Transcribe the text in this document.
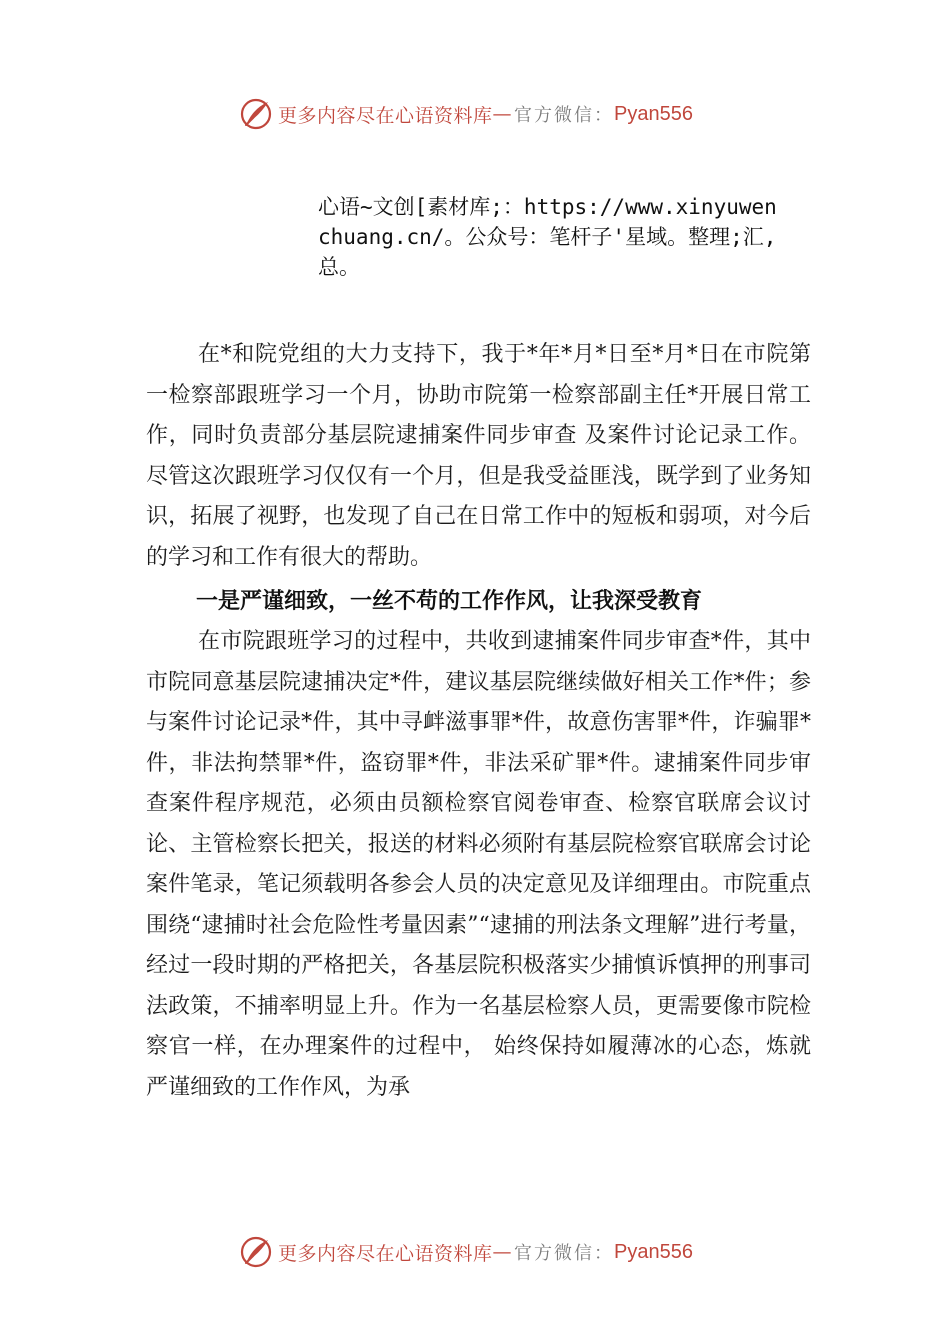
更多内容尽在心语资料库 — 官方微信： Pyan556
心语~文创[素材库;：https://www.xinyuwenchuang.cn/。公众号：笔杆子'星域。整理;汇,总。

在*和院党组的大力支持下，我于*年*月*日至*月*日在市院第一检察部跟班学习一个月，协助市院第一检察部副主任*开展日常工作，同时负责部分基层院逮捕案件同步审查 及案件讨论记录工作。尽管这次跟班学习仅仅有一个月，但是我受益匪浅，既学到了业务知识，拓展了视野，也发现了自己在日常工作中的短板和弱项，对今后的学习和工作有很大的帮助。

一是严谨细致，一丝不苟的工作作风，让我深受教育

在市院跟班学习的过程中，共收到逮捕案件同步审查*件，其中市院同意基层院逮捕决定*件，建议基层院继续做好相关工作*件；参与案件讨论记录*件，其中寻衅滋事罪*件，故意伤害罪*件，诈骗罪*件，非法拘禁罪*件，盗窃罪*件，非法采矿罪*件。逮捕案件同步审查案件程序规范，必须由员额检察官阅卷审查、检察官联席会议讨论、主管检察长把关，报送的材料必须附有基层院检察官联席会讨论案件笔录，笔记须载明各参会人员的决定意见及详细理由。市院重点围绕“逮捕时社会危险性考量因素”“逮捕的刑法条文理解”进行考量，经过一段时期的严格把关，各基层院积极落实少捕慎诉慎押的刑事司法政策，不捕率明显上升。作为一名基层检察人员，更需要像市院检察官一样，在办理案件的过程中， 始终保持如履薄冰的心态，炼就严谨细致的工作作风，为承

更多内容尽在心语资料库 — 官方微信： Pyan556
